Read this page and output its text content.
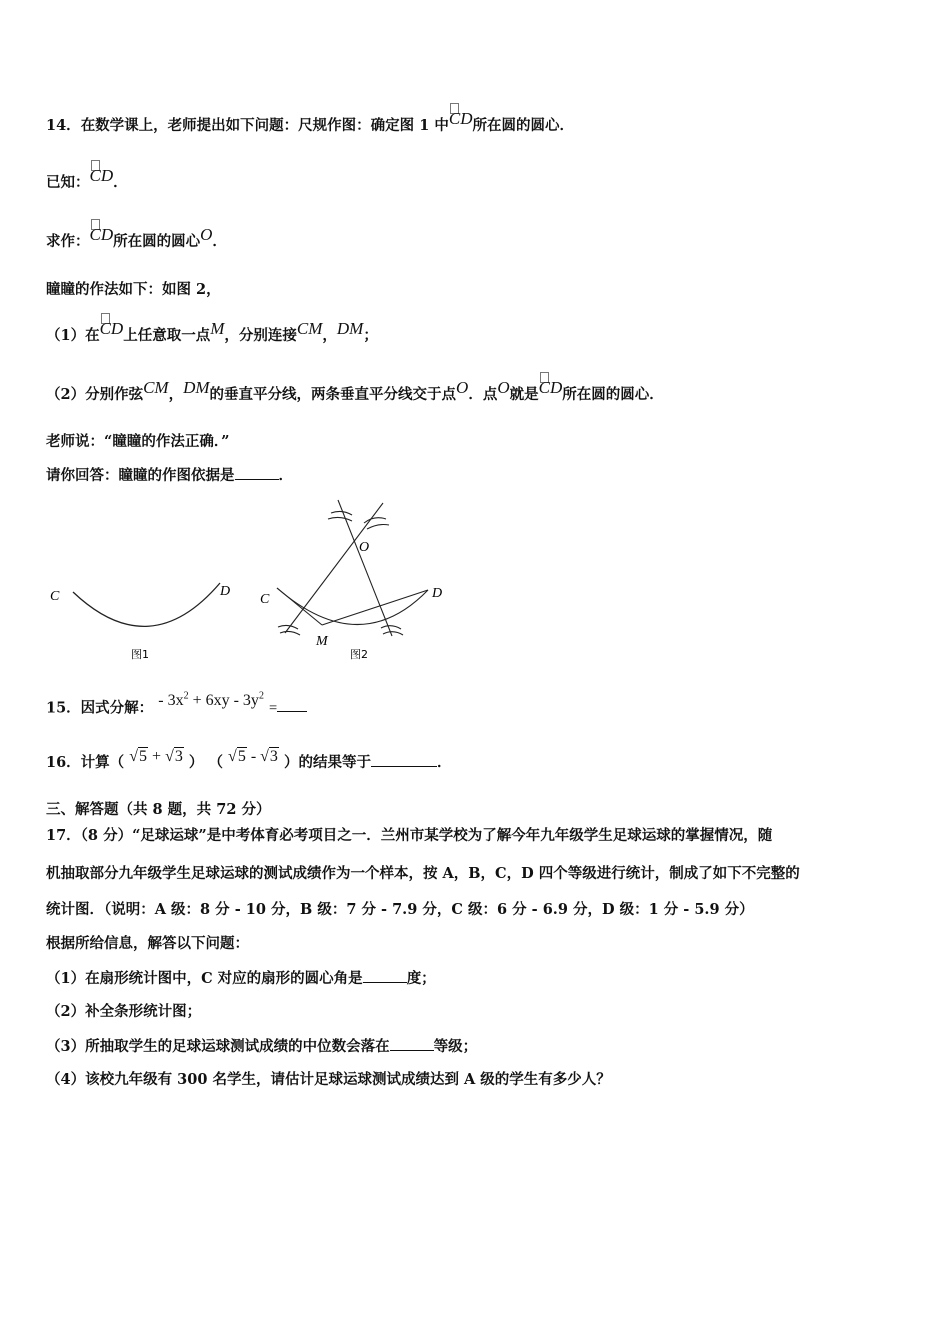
14．在数学课上，老师提出如下问题：尺规作图：确定图 1 中
CD所在圆的圆心．
已知：
CD．
求作：
CD所在圆的圆心O．
瞳瞳的作法如下：如图 2，
（1）在
CD上任意取一点M，分别连接CM，DM；
（2）分别作弦CM，DM的垂直平分线，两条垂直平分线交于点O．点O就是
CD所在圆的圆心．
老师说：“瞳瞳的作法正确．”
请你回答：瞳瞳的作图依据是	．
C	D
图1
O
C	D
M
图2
15．因式分解： - $3x^2 + 6xy - 3y^2$ =
16．计算（ √5 + √3 ） （ √5 - √3 ）的结果等于	．
三、解答题（共 8 题，共 72 分）
17．（8 分）“足球运球”是中考体育必考项目之一．兰州市某学校为了解今年九年级学生足球运球的掌握情况，随
机抽取部分九年级学生足球运球的测试成绩作为一个样本，按 A，B，C，D 四个等级进行统计，制成了如下不完整的
统计图．（说明：A 级：8 分 - 10 分，B 级：7 分 - 7.9 分，C 级：6 分 - 6.9 分，D 级：1 分 - 5.9 分）
根据所给信息，解答以下问题：
（1）在扇形统计图中，C 对应的扇形的圆心角是	度；
（2）补全条形统计图；
（3）所抽取学生的足球运球测试成绩的中位数会落在	等级；
（4）该校九年级有 300 名学生，请估计足球运球测试成绩达到 A 级的学生有多少人？
